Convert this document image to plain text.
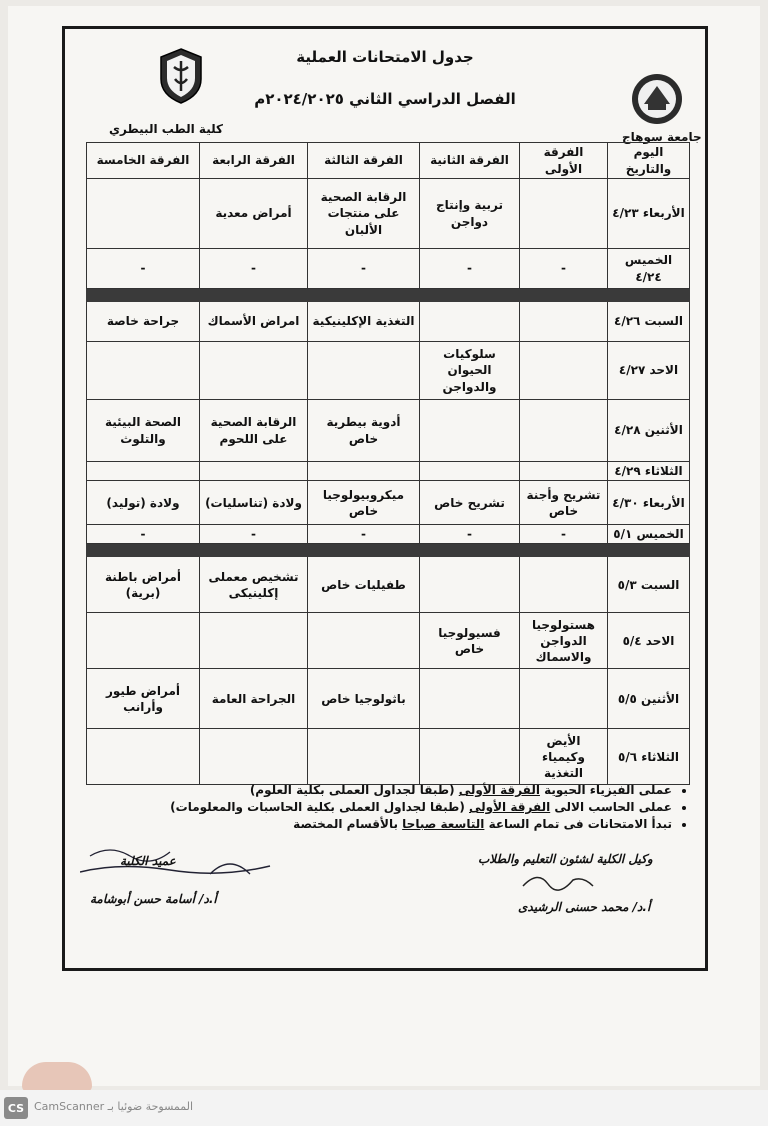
جدول الامتحانات العملية
الفصل الدراسي الثاني ٢٠٢٤/٢٠٢٥م
كلية الطب البيطري
جامعة سوهاج
اليوم والتاريخ	الفرقة الأولى	الفرقة الثانية	الفرقة الثالثة	الفرقة الرابعة	الفرقة الخامسة
الأربعاء ٤/٢٣		تربية وإنتاج دواجن	الرقابة الصحية على منتجات الألبان	أمراض معدية	
الخميس ٤/٢٤	-	-	-	-	-

السبت ٤/٢٦			التغذية الإكلينيكية	امراض الأسماك	جراحة خاصة
الاحد ٤/٢٧		سلوكيات الحيوان والدواجن			
الأثنين ٤/٢٨			أدوية بيطرية خاص	الرقابة الصحية على اللحوم	الصحة البيئية والتلوث
الثلاثاء ٤/٢٩					
الأربعاء ٤/٣٠	تشريح وأجنة خاص	تشريح خاص	ميكروبيولوجيا خاص	ولادة (تناسليات)	ولادة (توليد)
الخميس ٥/١	-	-	-	-	-

السبت ٥/٣			طفيليات خاص	تشخيص معملى إكلينيكى	أمراض باطنة (برية)
الاحد ٥/٤	هستولوجيا الدواجن والاسماك	فسيولوجيا خاص			
الأثنين ٥/٥			باثولوجيا خاص	الجراحة العامة	أمراض طيور وأرانب
الثلاثاء ٥/٦	الأيض وكيمياء التغذية				
• عملى الفيزياء الحيوية الفرقة الأولى (طبقا لجداول العملى بكلية العلوم)
• عملى الحاسب الالى الفرقة الأولى (طبقا لجداول العملى بكلية الحاسبات والمعلومات)
• تبدأ الامتحانات فى تمام الساعة التاسعة صباحا بالأقسام المختصة
وكيل الكلية لشئون التعليم والطلاب
أ.د/ محمد حسنى الرشيدى
عميد الكلية
أ.د/ أسامة حسن أبوشامة
CS الممسوحة ضوئيا بـ CamScanner
